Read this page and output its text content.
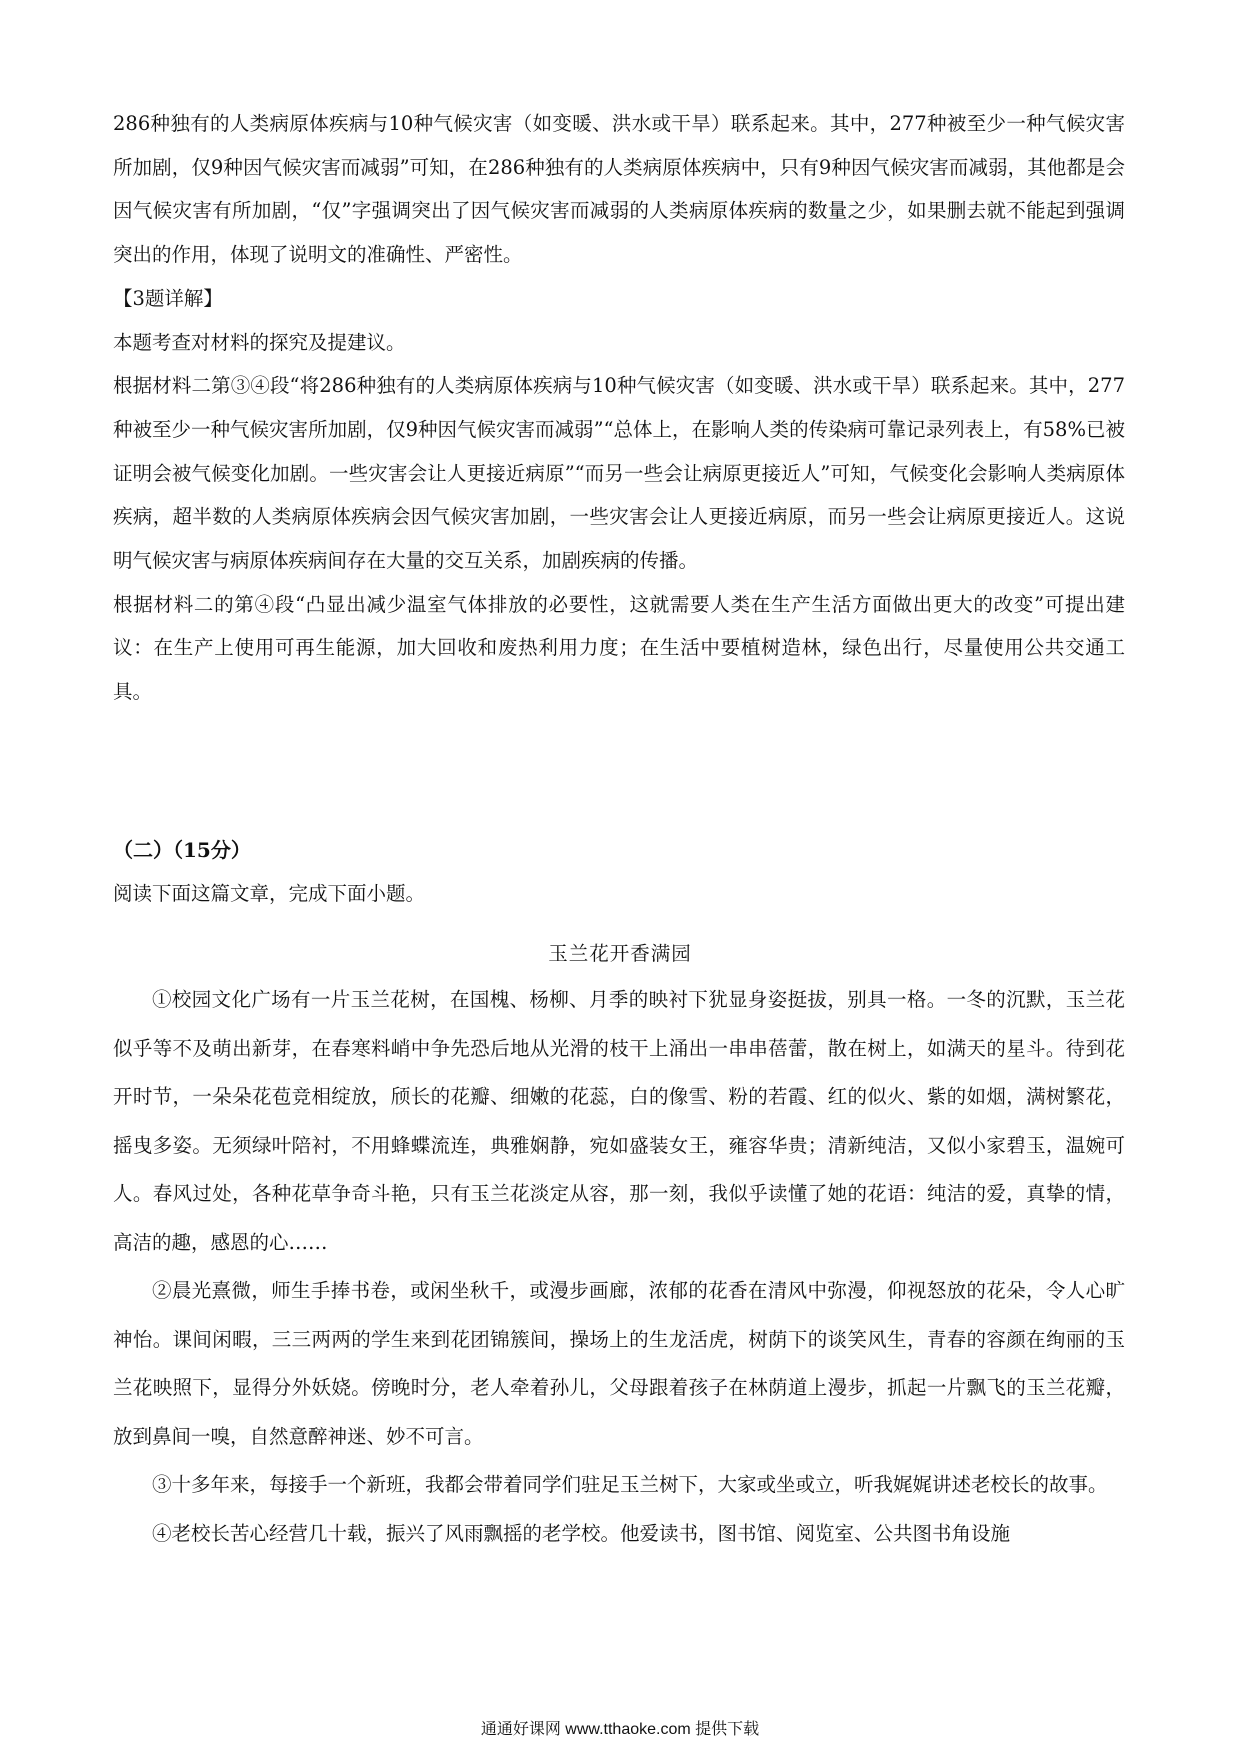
286种独有的人类病原体疾病与10种气候灾害（如变暖、洪水或干旱）联系起来。其中，277种被至少一种气候灾害所加剧，仅9种因气候灾害而减弱”可知，在286种独有的人类病原体疾病中，只有9种因气候灾害而减弱，其他都是会因气候灾害有所加剧，“仅”字强调突出了因气候灾害而减弱的人类病原体疾病的数量之少，如果删去就不能起到强调突出的作用，体现了说明文的准确性、严密性。

【3题详解】

本题考查对材料的探究及提建议。

根据材料二第③④段“将286种独有的人类病原体疾病与10种气候灾害（如变暖、洪水或干旱）联系起来。其中，277种被至少一种气候灾害所加剧，仅9种因气候灾害而减弱”“总体上，在影响人类的传染病可靠记录列表上，有58%已被证明会被气候变化加剧。一些灾害会让人更接近病原”“而另一些会让病原更接近人”可知，气候变化会影响人类病原体疾病，超半数的人类病原体疾病会因气候灾害加剧，一些灾害会让人更接近病原，而另一些会让病原更接近人。这说明气候灾害与病原体疾病间存在大量的交互关系，加剧疾病的传播。

根据材料二的第④段“凸显出减少温室气体排放的必要性，这就需要人类在生产生活方面做出更大的改变”可提出建议：在生产上使用可再生能源，加大回收和废热利用力度；在生活中要植树造林，绿色出行，尽量使用公共交通工具。

（二）（15分）
阅读下面这篇文章，完成下面小题。
玉兰花开香满园

①校园文化广场有一片玉兰花树，在国槐、杨柳、月季的映衬下犹显身姿挺拔，别具一格。一冬的沉默，玉兰花似乎等不及萌出新芽，在春寒料峭中争先恐后地从光滑的枝干上涌出一串串蓓蕾，散在树上，如满天的星斗。待到花开时节，一朵朵花苞竞相绽放，颀长的花瓣、细嫩的花蕊，白的像雪、粉的若霞、红的似火、紫的如烟，满树繁花，摇曳多姿。无须绿叶陪衬，不用蜂蝶流连，典雅娴静，宛如盛装女王，雍容华贵；清新纯洁，又似小家碧玉，温婉可人。春风过处，各种花草争奇斗艳，只有玉兰花淡定从容，那一刻，我似乎读懂了她的花语：纯洁的爱，真挚的情，高洁的趣，感恩的心……

②晨光熹微，师生手捧书卷，或闲坐秋千，或漫步画廊，浓郁的花香在清风中弥漫，仰视怒放的花朵，令人心旷神怡。课间闲暇，三三两两的学生来到花团锦簇间，操场上的生龙活虎，树荫下的谈笑风生，青春的容颜在绚丽的玉兰花映照下，显得分外妖娆。傍晚时分，老人牵着孙儿，父母跟着孩子在林荫道上漫步，抓起一片飘飞的玉兰花瓣，放到鼻间一嗅，自然意醉神迷、妙不可言。

③十多年来，每接手一个新班，我都会带着同学们驻足玉兰树下，大家或坐或立，听我娓娓讲述老校长的故事。

④老校长苦心经营几十载，振兴了风雨飘摇的老学校。他爱读书，图书馆、阅览室、公共图书角设施

通通好课网 www.tthaoke.com 提供下载
